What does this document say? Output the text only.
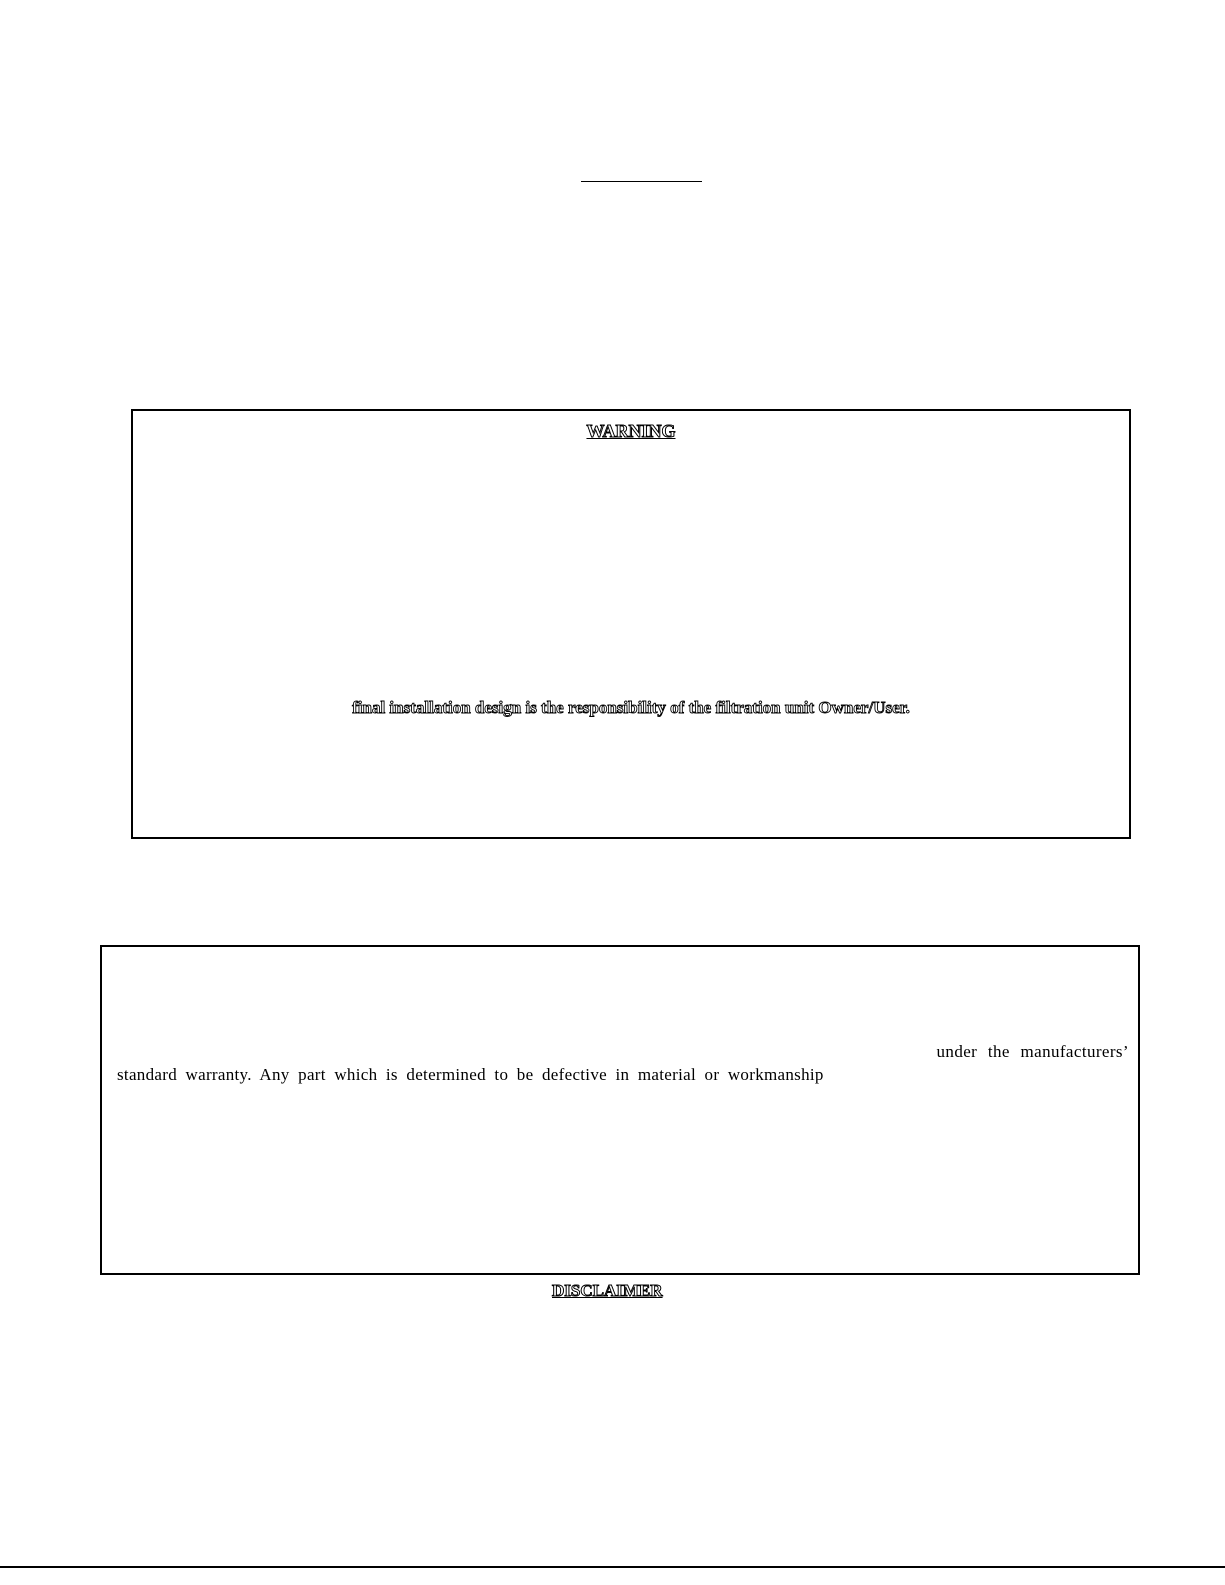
WARNING
final installation design is the responsibility of the filtration unit Owner/User.
under the manufacturers’
standard warranty. Any part which is determined to be defective in material or workmanship
DISCLAIMER
